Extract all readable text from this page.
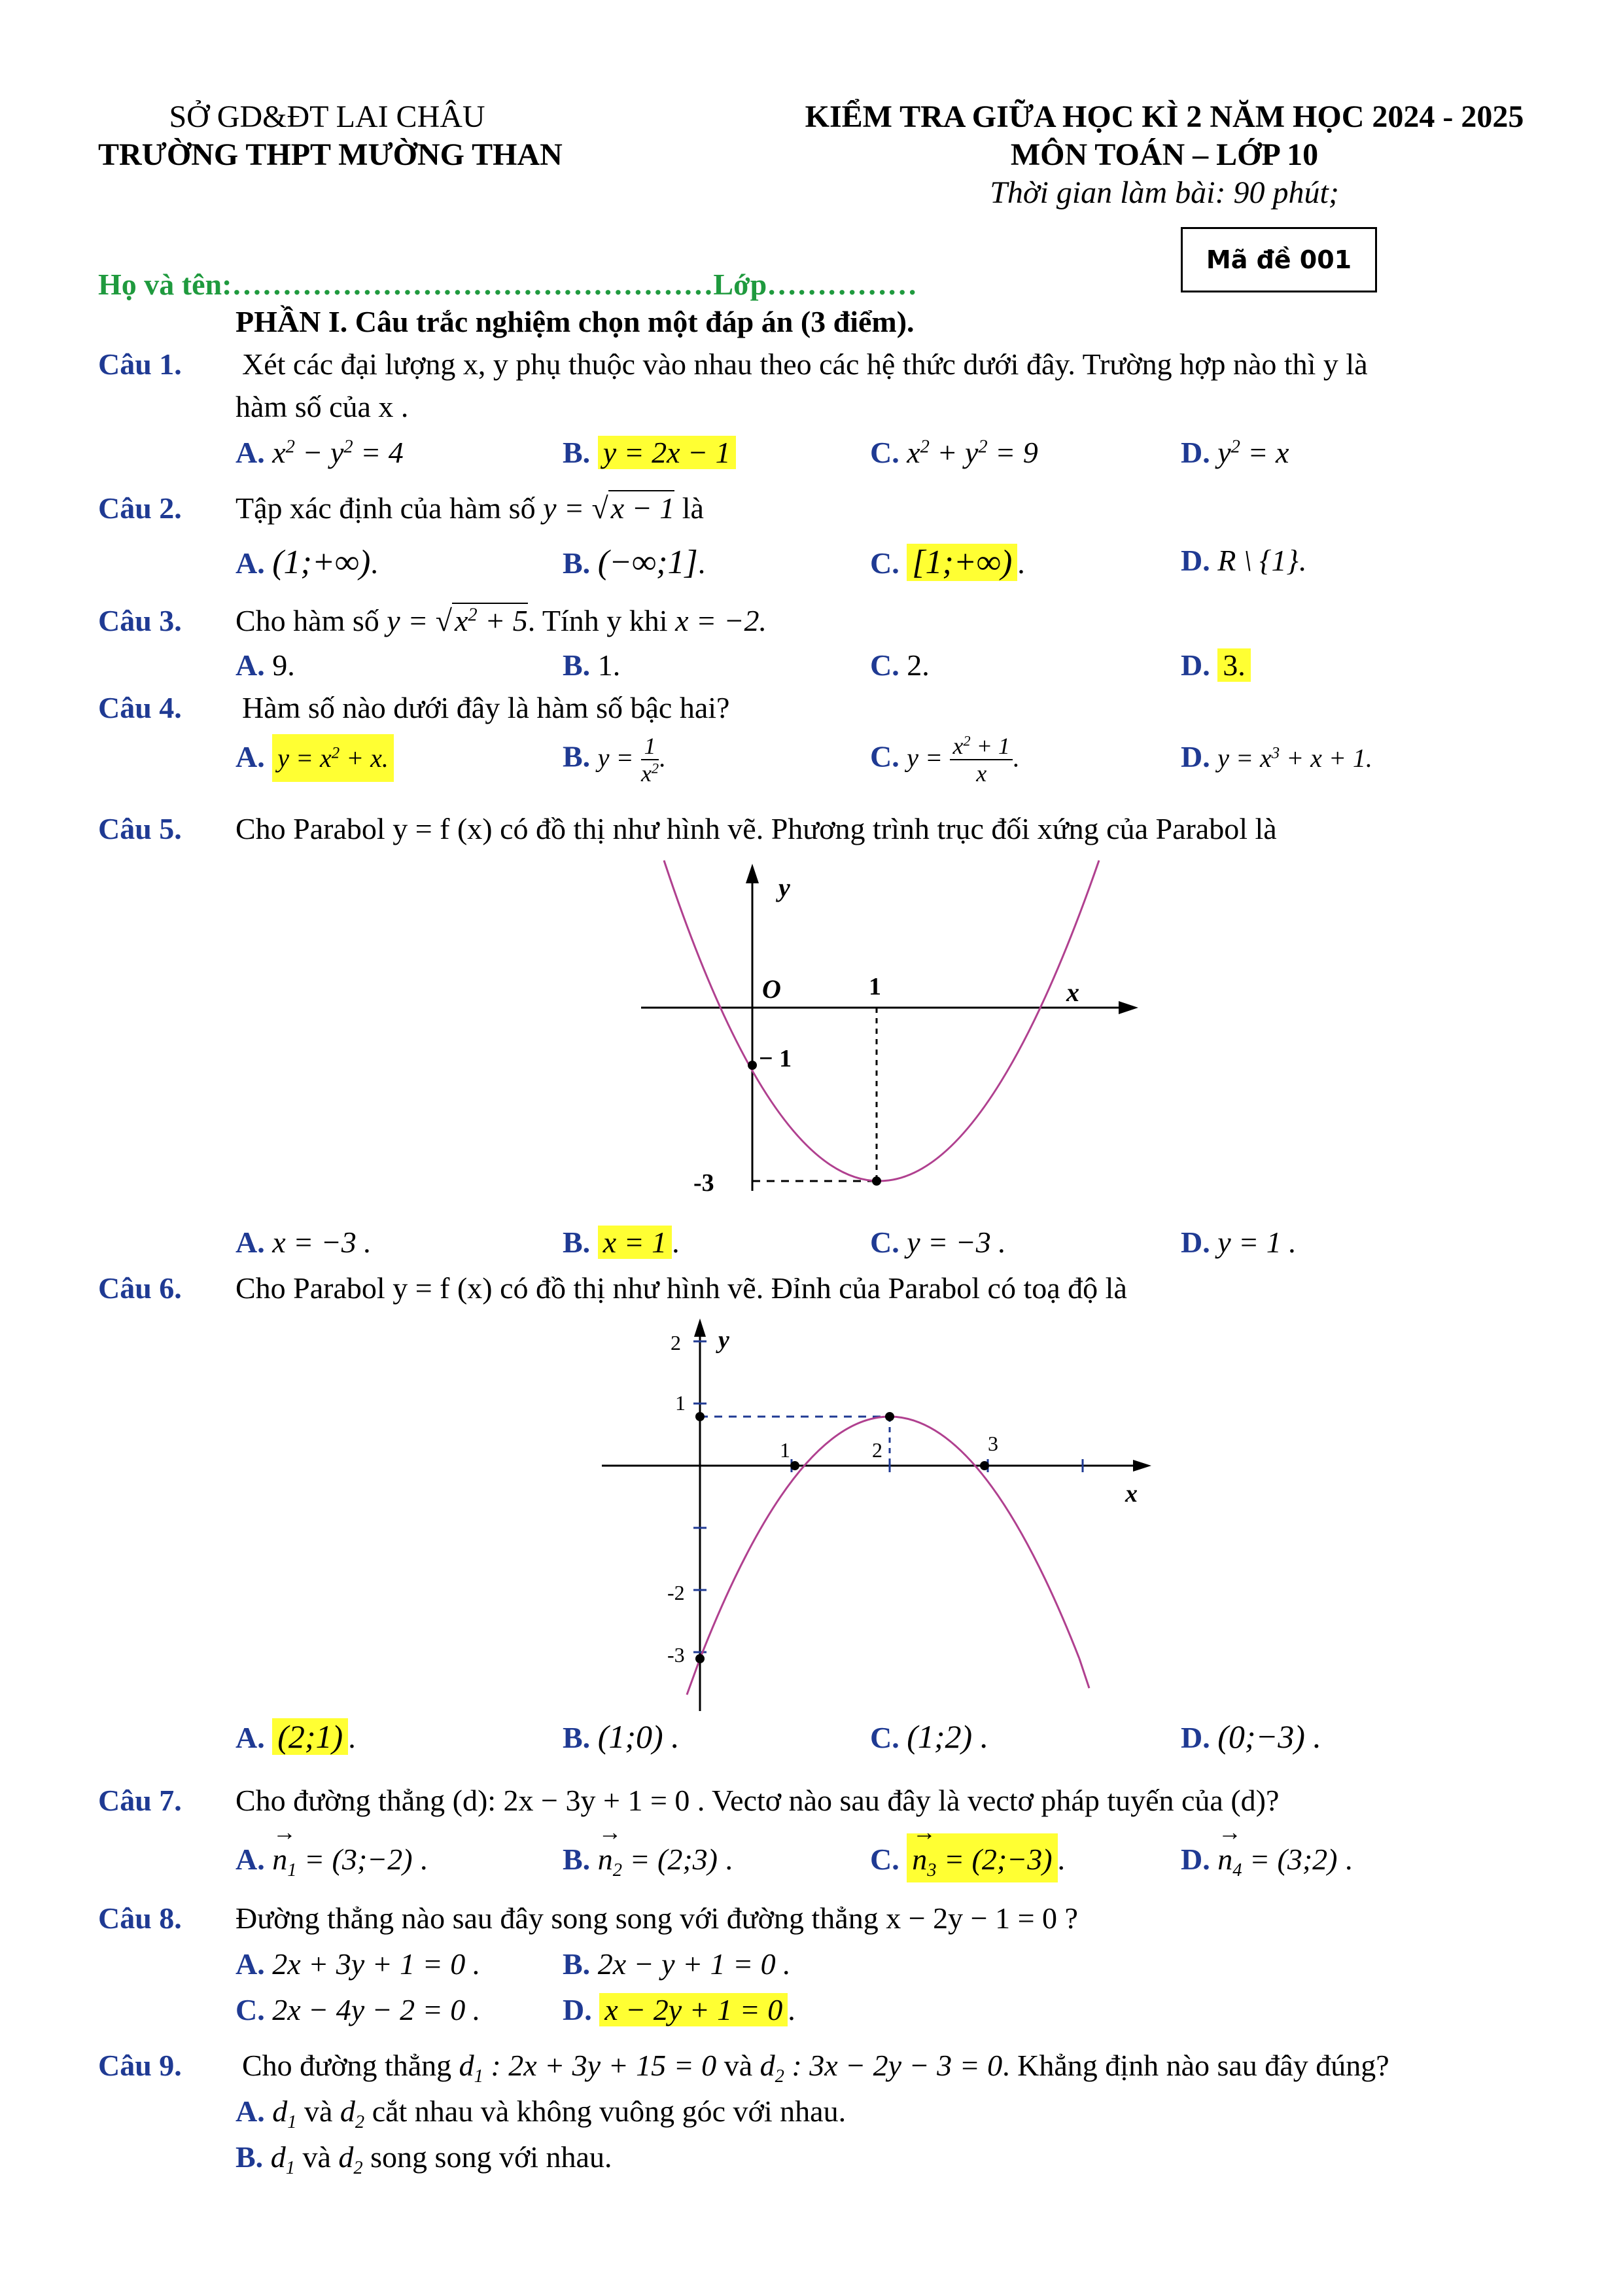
SỞ GD&ĐT LAI CHÂU
TRƯỜNG THPT MƯỜNG THAN
KIỂM TRA GIỮA HỌC KÌ 2 NĂM HỌC 2024 - 2025
MÔN TOÁN – LỚP 10
Thời gian làm bài: 90 phút;
Mã đề 001
Họ và tên:…………………………………………Lớp……………
PHẦN I. Câu trắc nghiệm chọn một đáp án (3 điểm).
Câu 1. Xét các đại lượng x, y phụ thuộc vào nhau theo các hệ thức dưới đây. Trường hợp nào thì y là
hàm số của x .
A. $x^2 - y^2 = 4$	B. y = 2x − 1	C. $x^2 + y^2 = 9$	D. $y^2 = x$
Câu 2. Tập xác định của hàm số y = √x − 1 là
A. (1;+∞).	B. (−∞;1].	C. [1;+∞) .	D. R \ {1}.
Câu 3. Cho hàm số $y = √x^2 + 5$. Tính y khi x = −2.
A. 9.	B. 1.	C. 2.	D. 3.
Câu 4. Hàm số nào dưới đây là hàm số bậc hai?
A. $y = x^2 + x$.	B. $y = \frac{1}{x^2}$ .	C. $y = \frac{x^2 + 1}{x}$ .	D. $y = x^3 + x + 1$.
Câu 5. Cho Parabol y = f (x) có đồ thị như hình vẽ. Phương trình trục đối xứng của Parabol là
y
x
O	1
− 1
-3
A. x = −3 .	B. x = 1 .	C. y = −3 .	D. y = 1 .
Câu 6. Cho Parabol y = f (x) có đồ thị như hình vẽ. Đỉnh của Parabol có toạ độ là
y
x
2
1
-2
-3
1	2	3
A. (2;1) .	B. (1;0) .	C. (1;2) .	D. (0;−3) .
Câu 7. Cho đường thẳng (d): 2x − 3y + 1 = 0 . Vectơ nào sau đây là vectơ pháp tuyến của (d)?
A. → $n_1$ = (3;−2) .	B. → $n_2$ = (2;3) .	C. → $n_3$ = (2;−3) .	D. → $n_4$ = (3;2) .
Câu 8. Đường thẳng nào sau đây song song với đường thẳng x − 2y − 1 = 0 ?
A. 2x + 3y + 1 = 0 .	B. 2x − y + 1 = 0 .
C. 2x − 4y − 2 = 0 .	D. x − 2y + 1 = 0 .
Câu 9. Cho đường thẳng $d_1$ : 2x + 3y + 15 = 0 và $d_2$ : 3x − 2y − 3 = 0. Khẳng định nào sau đây đúng?
A. $d_1$ và $d_2$ cắt nhau và không vuông góc với nhau.
B. $d_1$ và $d_2$ song song với nhau.
